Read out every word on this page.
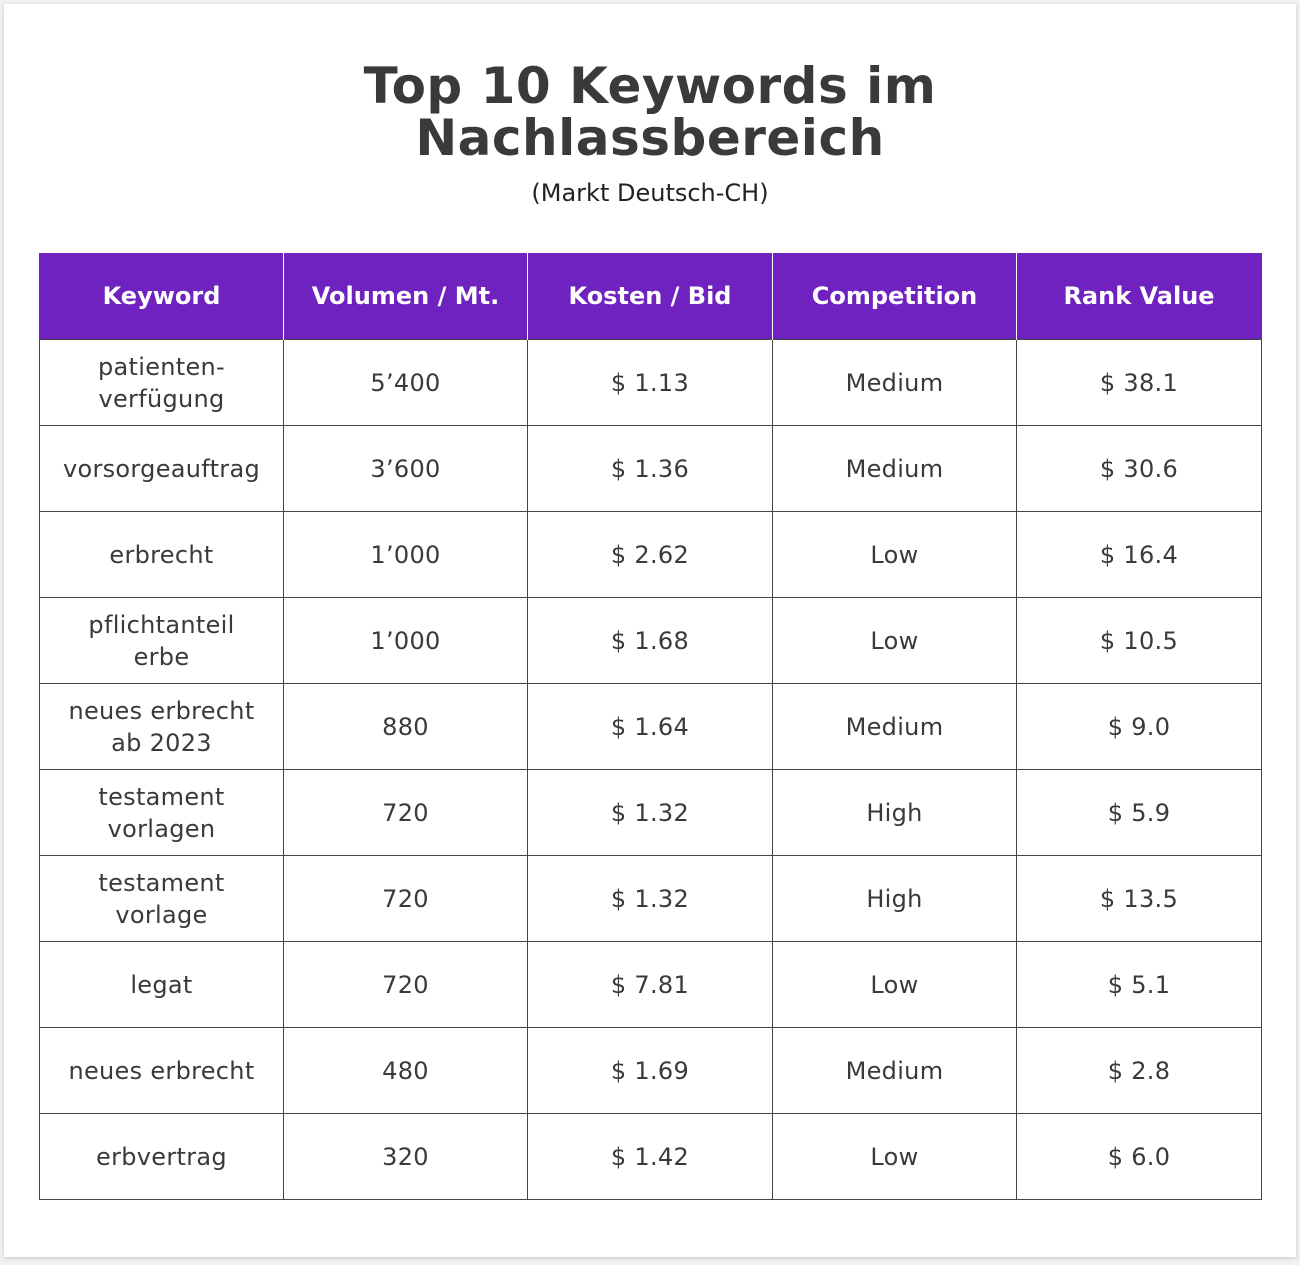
Top 10 Keywords im
Nachlassbereich
(Markt Deutsch-CH)
Keyword	Volumen / Mt.	Kosten / Bid	Competition	Rank Value
patienten-
verfügung	5’400	$ 1.13	Medium	$ 38.1
vorsorgeauftrag	3’600	$ 1.36	Medium	$ 30.6
erbrecht	1’000	$ 2.62	Low	$ 16.4
pflichtanteil
erbe	1’000	$ 1.68	Low	$ 10.5
neues erbrecht
ab 2023	880	$ 1.64	Medium	$ 9.0
testament
vorlagen	720	$ 1.32	High	$ 5.9
testament
vorlage	720	$ 1.32	High	$ 13.5
legat	720	$ 7.81	Low	$ 5.1
neues erbrecht	480	$ 1.69	Medium	$ 2.8
erbvertrag	320	$ 1.42	Low	$ 6.0
